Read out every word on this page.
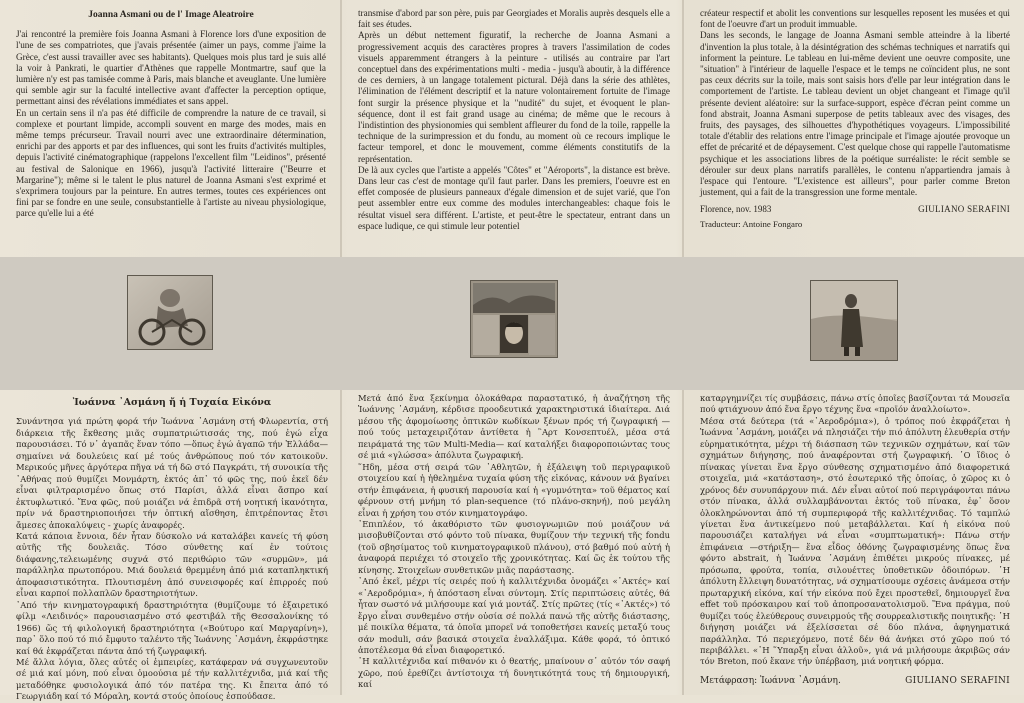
Joanna Asmani ou de l' Image Aleatroire

J'ai rencontré la première fois Joanna Asmani à Florence lors d'une exposition de l'une de ses compatriotes, que j'avais présentée (aimer un pays, comme j'aime la Grèce, c'est aussi travailler avec ses habitants). Quelques mois plus tard je suis allé la voir à Pankrati, le quartier d'Athènes que rappelle Montmartre, sauf que la lumière n'y est pas tamisée comme à Paris, mais blanche et aveuglante. Une lumière qui semble agir sur la faculté intellective avant d'affecter la perception optique, permettant ainsi des révélations immédiates et sans appel.

En un certain sens il n'a pas été difficile de comprendre la nature de ce travail, si complexe et pourtant limpide, accompli souvent en marge des modes, mais en même temps précurseur. Travail nourri avec une extraordinaire détermination, enrichi par des apports et par des influences, qui sont les fruits d'activités multiples, depuis l'activité cinématographique (rappelons l'excellent film "Leidinos", présenté au festival de Salonique en 1966), jusqu'à l'activité litteraire ("Beurre et Margarine"); même si le talent le plus naturel de Joanna Asmani s'est exprimé et s'exprimera toujours par la peinture. En autres termes, toutes ces expériences ont fini par se fondre en une seule, consubstantielle à l'artiste au niveau physiologique, parce qu'elle lui a été

transmise d'abord par son père, puis par Georgiades et Moralis auprès desquels elle a fait ses études.

Après un début nettement figuratif, la recherche de Joanna Asmani a progressivement acquis des caractères propres à travers l'assimilation de codes visuels apparemment étrangers à la peinture - utilisés au contraire par l'art conceptuel dans des expérimentations multi - media - jusqu'à aboutir, à la différence de ces derniers, à un langage totalement pictural. Déjà dans la série des athlètes, l'élimination de l'élément descriptif et la nature volontairement fortuite de l'image font surgir la présence physique et la "nudité" du sujet, et évoquent le plan-séquence, dont il est fait grand usage au cinéma; de même que le recours à l'indistintion des physionomies qui semblent affleurer du fond de la toile, rappelle la technique de la surimpression et du fondu, au moment où ce recours implique le facteur temporel, et donc le mouvement, comme éléments constitutifs de la représentation.

De là aux cycles que l'artiste a appelés "Côtes" et "Aéroports", la distance est brève. Dans leur cas c'est de montage qu'il faut parler. Dans les premiers, l'oeuvre est en effet composée de plusieurs panneaux d'égale dimension et de sujet varié, que l'on peut assembler entre eux comme des modules interchangeables: chaque fois le résultat visuel sera différent. L'artiste, et peut-être le spectateur, entrant dans un espace ludique, ce qui stimule leur potentiel

créateur respectif et abolit les conventions sur lesquelles reposent les musées et qui font de l'oeuvre d'art un produit immuable.

Dans les seconds, le langage de Joanna Asmani semble atteindre à la liberté d'invention la plus totale, à la désintégration des schémas techniques et narratifs qui informent la peinture. Le tableau en lui-même devient une oeuvre composite, une "situation" à l'intérieur de laquelle l'espace et le temps ne coïncident plus, ne sont pas ceux décrits sur la toile, mais sont saisis hors d'elle par leur intégration dans le comportement de l'artiste. Le tableau devient un objet changeant et l'image qu'il présente devient aléatoire: sur la surface-support, espèce d'écran peint comme un fond abstrait, Joanna Asmani superpose de petits tableaux avec des visages, des fruits, des paysages, des silhouettes d'hypothétiques voyageurs. L'impossibilité totale d'établir des relations entre l'image principale et l'image ajoutée provoque un effet de précarité et de dépaysement. C'est quelque chose qui rappelle l'automatisme psychique et les associations libres de la poétique surréaliste: le récit semble se dérouler sur deux plans narratifs parallèles, le contenu n'appartiendra jamais à l'espace qui l'entoure. "L'existence est ailleurs", pour parler comme Breton justement, qui a fait de la transgression une forme mentale.

Florence, nov. 1983	GIULIANO SERAFINI
Traducteur: Antoine Fongaro
Ἰωάννα ᾿Ασμάνη ἤ ἡ Τυχαία Εἰκόνα

Συνάντησα γιά πρώτη φορά τήν Ἰωάννα ᾿Ασμάνη στή Φλωρεντία, στή διάρκεια τῆς ἔκθεσης μιᾶς συμπατριώτισσάς της, πού ἐγώ εἶχα παρουσιάσει. Τό ν᾿ ἀγαπᾶς ἕναν τόπο —ὅπως ἐγώ ἀγαπῶ τήν Ἑλλάδα— σημαίνει νά δουλεύεις καί μέ τούς ἀνθρώπους πού τόν κατοικοῦν. Μερικούς μῆνες ἀργότερα πῆγα νά τή δῶ στό Παγκράτι, τή συνοικία τῆς ᾿Αθήνας πού θυμίζει Μονμάρτη, ἐκτός ἀπ᾿ τό φῶς της, πού ἐκεῖ δέν εἶναι φιλτραρισμένο ὅπως στό Παρίσι, ἀλλά εἶναι ἄσπρο καί ἐκτυφλωτικό. Ἕνα φῶς, πού μοιάζει νά ἐπιδρᾶ στή νοητική ἱκανότητα, πρίν νά δραστηριοποιήσει τήν ὀπτική αἴσθηση, ἐπιτρέποντας ἔτσι ἄμεσες ἀποκαλύψεις - χωρίς ἀναφορές.

Κατά κάποια ἔννοια, δέν ἦταν δύσκολο νά καταλάβει κανείς τή φύση αὐτῆς τῆς δουλειᾶς. Τόσο σύνθετης καί ἐν τούτοις διάφανης,τελειωμένης συχνά στό περιθώριο τῶν «συρμῶν», μά παράλληλα πρωτοπόρου. Μιά δουλειά θρεμμένη ἀπό μιά καταπληκτική ἀποφασιστικότητα. Πλουτισμένη ἀπό συνεισφορές καί ἐπιρροές πού εἶναι καρποί πολλαπλῶν δραστηριοτήτων.

᾿Από τήν κινηματογραφική δραστηριότητα (θυμίζουμε τό ἐξαιρετικό φίλμ «Λειδινός» παρουσιασμένο στό φεστιβάλ τῆς Θεσσαλονίκης τό 1966) ὥς τή φιλολογική δραστηριότητα («Βούτυρο καί Μαργαρίνη»), παρ᾿ ὅλο πού τό πιό ἔμφυτο ταλέντο τῆς Ἰωάννης ᾿Ασμάνη, ἐκφράστηκε καί θά ἐκφράζεται πάντα ἀπό τή ζωγραφική.

Μέ ἄλλα λόγια, ὅλες αὐτές οἱ ἐμπειρίες, κατάφεραν νά συγχωνευτοῦν σέ μιά καί μόνη, πού εἶναι ὁμοούσια μέ τήν καλλιτέχνιδα, μιά καί τῆς μεταδόθηκε φυσιολογικά ἀπό τόν πατέρα της. Κι ἔπειτα ἀπό τό Γεωργιάδη καί τό Μόραλη, κοντά στούς ὁποίους ἐσπούδασε.

Μετά ἀπό ἕνα ξεκίνημα ὁλοκάθαρα παραστατικό, ἡ ἀναζήτηση τῆς Ἰωάννης ᾿Ασμάνη, κέρδισε προοδευτικά χαρακτηριστικά ἰδιαίτερα. Διά μέσου τῆς ἀφομοίωσης ὀπτικῶν κωδίκων ξένων πρός τή ζωγραφική — πού τούς μεταχειριζόταν ἀντίθετα ἡ ῍Αρτ Κονσεπτυέλ, μέσα στά πειράματά της τῶν Multi-Media— καί καταλήξει διαφοροποιώντας τους σέ μιά «γλώσσα» ἀπόλυτα ζωγραφική.

῞Ηδη, μέσα στή σειρά τῶν ᾿Αθλητῶν, ἡ ἐξάλειψη τοῦ περιγραφικοῦ στοιχείου καί ἡ ἠθελημένα τυχαία φύση τῆς εἰκόνας, κάνουν νά βγαίνει στήν ἐπιφάνεια, ἡ φυσική παρουσία καί ἡ «γυμνότητα» τοῦ θέματος καί φέρνουν στή μνήμη τό plan-sequence (τό πλάνο-σκηνή), πού μεγάλη εἶναι ἡ χρήση του στόν κινηματογράφο.

᾿Επιπλέον, τό ἀκαθόριστο τῶν φυσιογνωμιῶν πού μοιάζουν νά μισοβυθίζονται στό φόντο τοῦ πίνακα, θυμίζουν τήν τεχνική τῆς fondu (τοῦ σβησίματος τοῦ κινηματογραφικοῦ πλάνου), στό βαθμό πού αὐτή ἡ ἀναφορά περιέχει τό στοιχεῖο τῆς χρονικότητας. Καί ὥς ἐκ τούτου τῆς κίνησης. Στοιχεῖων συνθετικῶν μιᾶς παράστασης.

᾿Από ἐκεῖ, μέχρι τίς σειρές πού ἡ καλλιτέχνιδα ὀνομάζει «᾿Ακτές» καί «᾿Αεροδρόμια», ἡ ἀπόσταση εἶναι σύντομη. Στίς περιπτώσεις αὐτές, θά ἦταν σωστό νά μιλήσουμε καί γιά μοντάζ. Στίς πρῶτες (τίς «᾿Ακτές») τό ἔργο εἶναι συνθεμένο στήν οὐσία σέ πολλά πανώ τῆς αὐτῆς διάστασης, μέ ποικίλα θέματα, τά ὁποῖα μπορεῖ νά τοποθετήσει κανείς μεταξύ τους σάν moduli, σάν βασικά στοιχεῖα ἐναλλάξιμα. Κάθε φορά, τό ὀπτικό ἀποτέλεσμα θά εἶναι διαφορετικό.

῾Η καλλιτέχνιδα καί πιθανόν κι ὁ θεατής, μπαίνουν σ᾿ αὐτόν τόν σαφή χῶρο, πού ἐρεθίζει ἀντίστοιχα τή δυνητικότητά τους τή δημιουργική, καί

καταργημνίζει τίς συμβάσεις, πάνω στίς ὁποῖες βασίζονται τά Μουσεῖα πού φτιάχνουν ἀπό ἕνα ἔργο τέχνης ἕνα «προϊόν ἀναλλοίωτο».

Μέσα στά δεύτερα (τά «᾿Αεροδρόμια»), ὁ τρόπος πού ἐκφράζεται ἡ Ἰωάννα ᾿Ασμάνη, μοιάζει νά πλησιάζει τήν πιό ἀπόλυτη ἐλευθερία στήν εὑρηματικότητα, μέχρι τή διάσπαση τῶν τεχνικῶν σχημάτων, καί τῶν σχημάτων διήγησης, πού ἀναφέρονται στή ζωγραφική. ῾Ο ἴδιος ὁ πίνακας γίνεται ἕνα ἔργο σύνθεσης σχηματισμένο ἀπό διαφορετικά στοιχεῖα, μιά «κατάσταση», στό ἐσωτερικό τῆς ὁποίας, ὁ χῶρος κι ὁ χρόνος δέν συνυπάρχουν πιά. Δέν εἶναι αὐτοί πού περιγράφονται πάνω στόν πίνακα, ἀλλά συλλαμβάνονται ἐκτός τοῦ πίνακα, ἐφ᾿ ὅσον ὁλοκληρώνονται ἀπό τή συμπεριφορά τῆς καλλιτέχνιδας. Τό ταμπλώ γίνεται ἕνα ἀντικείμενο πού μεταβάλλεται. Καί ἡ εἰκόνα πού παρουσιάζει καταλήγει νά εἶναι «συμπτωματική»: Πάνω στήν ἐπιφάνεια —στήριξη— ἕνα εἶδος ὀθόνης ζωγραφισμένης ὅπως ἕνα φόντο abstrait, ἡ Ἰωάννα ᾿Ασμάνη ἐπιθέτει μικρούς πίνακες, μέ πρόσωπα, φρούτα, τοπία, σιλουέττες ὑποθετικῶν ὁδοιπόρων. ῾Η ἀπόλυτη ἔλλειψη δυνατότητας, νά σχηματίσουμε σχέσεις ἀνάμεσα στήν πρωταρχική εἰκόνα, καί τήν εἰκόνα πού ἔχει προστεθεῖ, δημιουργεῖ ἕνα effet τοῦ πρόσκαιρου καί τοῦ ἀποπροσανατολισμοῦ. Ἕνα πράγμα, πού θυμίζει τούς ἐλεύθερους συνειρμούς τῆς σουρρεαλιστικῆς ποιητικῆς: ῾Η διήγηση μοιάζει νά ἐξελίσσεται σέ δύο πλάνα, ἀφηγηματικά παράλληλα. Τό περιεχόμενο, ποτέ δέν θά ἀνήκει στό χῶρο πού τό περιβάλλει. «῾Η ῞Υπαρξη εἶναι ἀλλοῦ», γιά νά μιλήσουμε ἀκριβῶς σάν τόν Breton, πού ἔκανε τήν ὑπέρβαση, μιά νοητική φόρμα.

Μετάφραση: Ἰωάννα ᾿Ασμάνη.	GIULIANO SERAFINI
